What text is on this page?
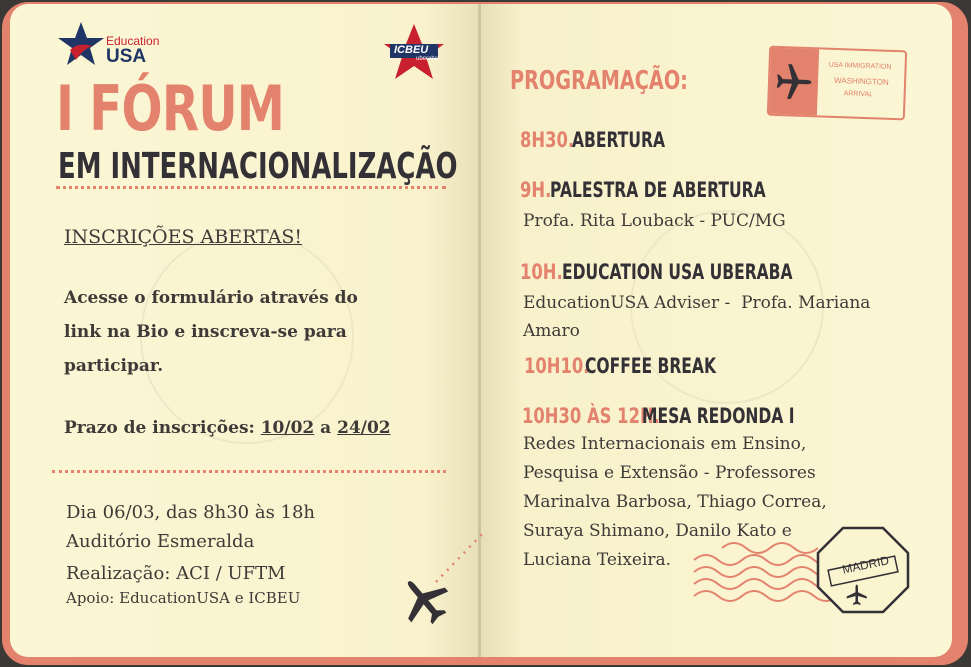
Education
USA	ICBEU
uberaba
I FÓRUM
EM INTERNACIONALIZAÇÃO
INSCRIÇÕES ABERTAS!
Acesse o formulário através do
link na Bio e inscreva-se para
participar.
Prazo de inscrições: 10/02 a 24/02
Dia 06/03, das 8h30 às 18h
Auditório Esmeralda
Realização: ACI / UFTM
Apoio: EducationUSA e ICBEU
PROGRAMAÇÃO:
8H30.
ABERTURA
9H.
PALESTRA DE ABERTURA
Profa. Rita Louback - PUC/MG
10H. EDUCATION USA UBERABA
EducationUSA Adviser -  Profa. Mariana
Amaro
10H10.
COFFEE BREAK
10H30 ÀS 12H.
MESA REDONDA I
Redes Internacionais em Ensino,
Pesquisa e Extensão - Professores
Marinalva Barbosa, Thiago Correa,
Suraya Shimano, Danilo Kato e
Luciana Teixeira.
USA IMMIGRATION
WASHINGTON
ARRIVAL
MADRID
